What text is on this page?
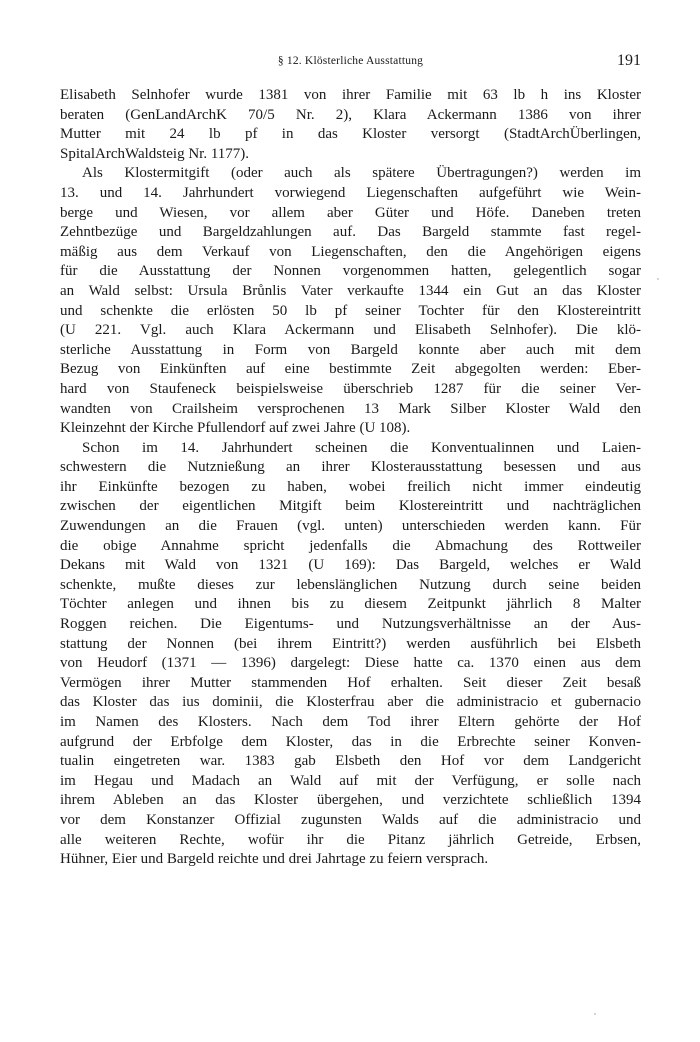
§ 12. Klösterliche Ausstattung	191
Elisabeth Selnhofer wurde 1381 von ihrer Familie mit 63 lb h ins Kloster
beraten (GenLandArchK 70/5 Nr. 2), Klara Ackermann 1386 von ihrer
Mutter mit 24 lb pf in das Kloster versorgt (StadtArchÜberlingen,
SpitalArchWaldsteig Nr. 1177).
Als Klostermitgift (oder auch als spätere Übertragungen?) werden im
13. und 14. Jahrhundert vorwiegend Liegenschaften aufgeführt wie Wein-
berge und Wiesen, vor allem aber Güter und Höfe. Daneben treten
Zehntbezüge und Bargeldzahlungen auf. Das Bargeld stammte fast regel-
mäßig aus dem Verkauf von Liegenschaften, den die Angehörigen eigens
für die Ausstattung der Nonnen vorgenommen hatten, gelegentlich sogar
an Wald selbst: Ursula Brůnlis Vater verkaufte 1344 ein Gut an das Kloster
und schenkte die erlösten 50 lb pf seiner Tochter für den Klostereintritt
(U 221. Vgl. auch Klara Ackermann und Elisabeth Selnhofer). Die klö-
sterliche Ausstattung in Form von Bargeld konnte aber auch mit dem
Bezug von Einkünften auf eine bestimmte Zeit abgegolten werden: Eber-
hard von Staufeneck beispielsweise überschrieb 1287 für die seiner Ver-
wandten von Crailsheim versprochenen 13 Mark Silber Kloster Wald den
Kleinzehnt der Kirche Pfullendorf auf zwei Jahre (U 108).
Schon im 14. Jahrhundert scheinen die Konventualinnen und Laien-
schwestern die Nutznießung an ihrer Klosterausstattung besessen und aus
ihr Einkünfte bezogen zu haben, wobei freilich nicht immer eindeutig
zwischen der eigentlichen Mitgift beim Klostereintritt und nachträglichen
Zuwendungen an die Frauen (vgl. unten) unterschieden werden kann. Für
die obige Annahme spricht jedenfalls die Abmachung des Rottweiler
Dekans mit Wald von 1321 (U 169): Das Bargeld, welches er Wald
schenkte, mußte dieses zur lebenslänglichen Nutzung durch seine beiden
Töchter anlegen und ihnen bis zu diesem Zeitpunkt jährlich 8 Malter
Roggen reichen. Die Eigentums- und Nutzungsverhältnisse an der Aus-
stattung der Nonnen (bei ihrem Eintritt?) werden ausführlich bei Elsbeth
von Heudorf (1371 — 1396) dargelegt: Diese hatte ca. 1370 einen aus dem
Vermögen ihrer Mutter stammenden Hof erhalten. Seit dieser Zeit besaß
das Kloster das ius dominii, die Klosterfrau aber die administracio et gubernacio
im Namen des Klosters. Nach dem Tod ihrer Eltern gehörte der Hof
aufgrund der Erbfolge dem Kloster, das in die Erbrechte seiner Konven-
tualin eingetreten war. 1383 gab Elsbeth den Hof vor dem Landgericht
im Hegau und Madach an Wald auf mit der Verfügung, er solle nach
ihrem Ableben an das Kloster übergehen, und verzichtete schließlich 1394
vor dem Konstanzer Offizial zugunsten Walds auf die administracio und
alle weiteren Rechte, wofür ihr die Pitanz jährlich Getreide, Erbsen,
Hühner, Eier und Bargeld reichte und drei Jahrtage zu feiern versprach.
